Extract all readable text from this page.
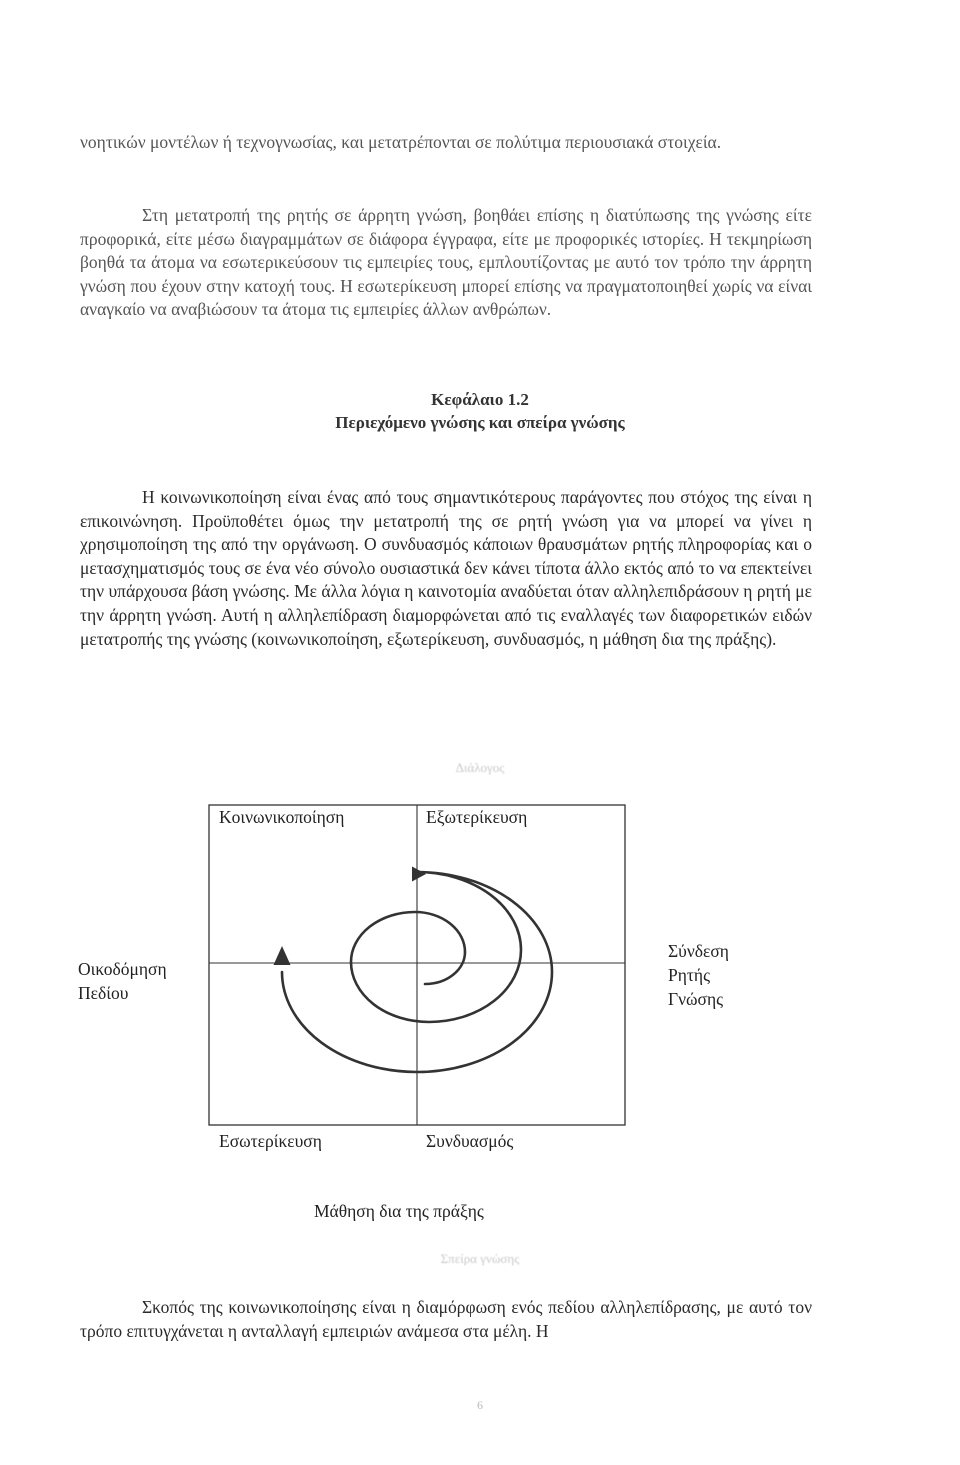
νοητικών μοντέλων ή τεχνογνωσίας, και μετατρέπονται σε πολύτιμα περιουσιακά στοιχεία.

Στη μετατροπή της ρητής σε άρρητη γνώση, βοηθάει επίσης η διατύπωσης της γνώσης είτε προφορικά, είτε μέσω διαγραμμάτων σε διάφορα έγγραφα, είτε με προφορικές ιστορίες. Η τεκμηρίωση βοηθά τα άτομα να εσωτερικεύσουν τις εμπειρίες τους, εμπλουτίζοντας με αυτό τον τρόπο την άρρητη γνώση που έχουν στην κατοχή τους. Η εσωτερίκευση μπορεί επίσης να πραγματοποιηθεί χωρίς να είναι αναγκαίο να αναβιώσουν τα άτομα τις εμπειρίες άλλων ανθρώπων.

Κεφάλαιο 1.2
Περιεχόμενο γνώσης και σπείρα γνώσης

Η κοινωνικοποίηση είναι ένας από τους σημαντικότερους παράγοντες που στόχος της είναι η επικοινώνηση. Προϋποθέτει όμως την μετατροπή της σε ρητή γνώση για να μπορεί να γίνει η χρησιμοποίηση της από την οργάνωση. Ο συνδυασμός κάποιων θραυσμάτων ρητής πληροφορίας και ο μετασχηματισμός τους σε ένα νέο σύνολο ουσιαστικά δεν κάνει τίποτα άλλο εκτός από το να επεκτείνει την υπάρχουσα βάση γνώσης. Με άλλα λόγια η καινοτομία αναδύεται όταν αλληλεπιδράσουν η ρητή με την άρρητη γνώση. Αυτή η αλληλεπίδραση διαμορφώνεται από τις εναλλαγές των διαφορετικών ειδών μετατροπής της γνώσης (κοινωνικοποίηση, εξωτερίκευση, συνδυασμός, η μάθηση δια της πράξης).

Διάλογος
Κοινωνικοποίηση	Εξωτερίκευση
Οικοδόμηση
Πεδίου
Σύνδεση
Ρητής
Γνώσης
Εσωτερίκευση	Συνδυασμός
Μάθηση δια της πράξης
Σπείρα γνώσης

Σκοπός της κοινωνικοποίησης είναι η διαμόρφωση ενός πεδίου αλληλεπίδρασης, με αυτό τον τρόπο επιτυγχάνεται η ανταλλαγή εμπειριών ανάμεσα στα μέλη. Η

6
